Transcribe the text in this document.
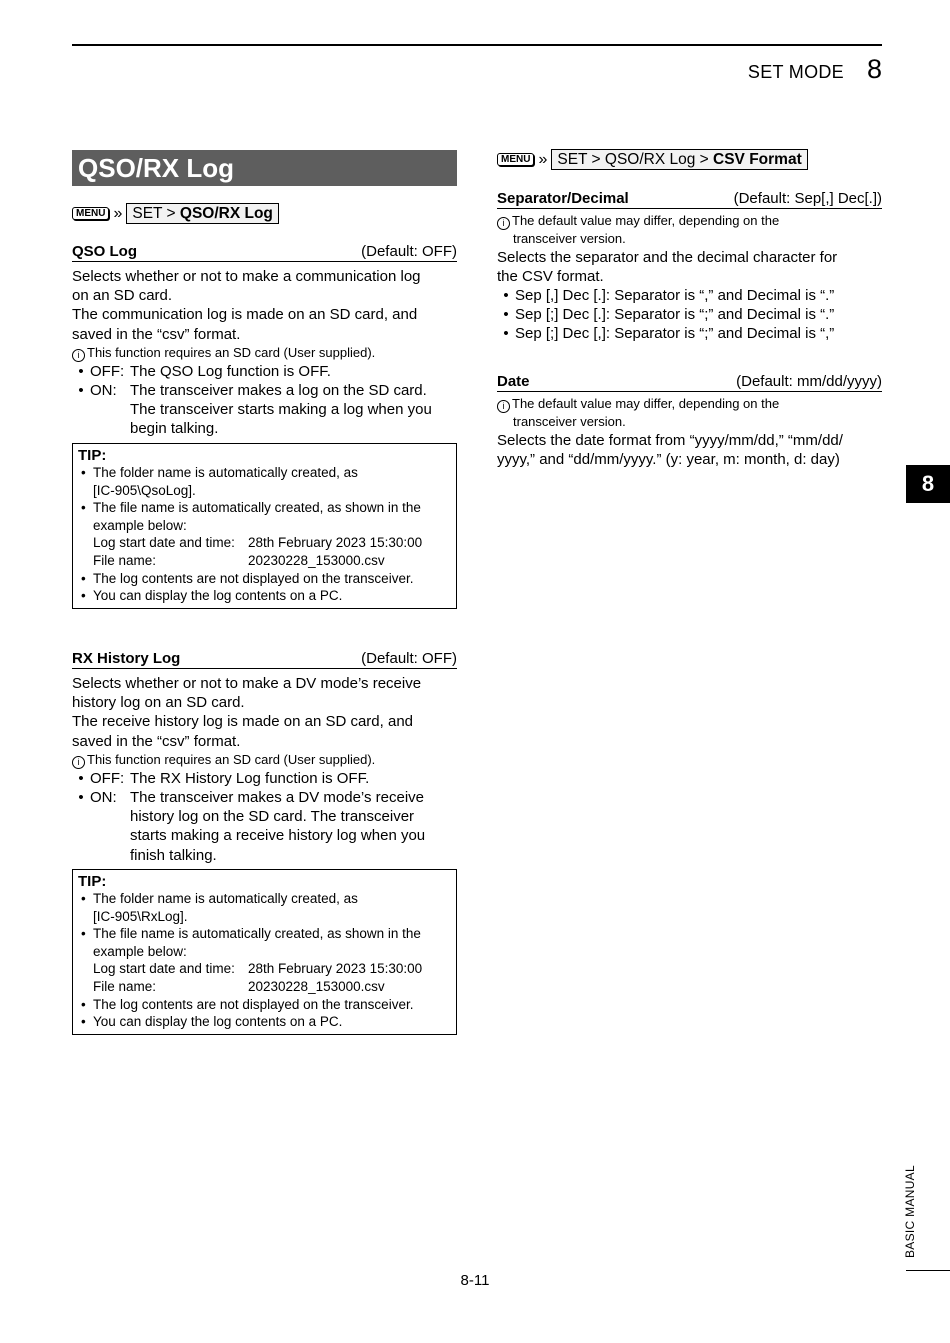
SET MODE 8
QSO/RX Log
MENU » SET > QSO/RX Log
QSO Log	(Default: OFF)
Selects whether or not to make a communication log
on an SD card.
The communication log is made on an SD card, and
saved in the “csv” format.
i This function requires an SD card (User supplied).
• OFF: The QSO Log function is OFF.
• ON: The transceiver makes a log on the SD card.
The transceiver starts making a log when you
begin talking.
TIP:
• The folder name is automatically created, as
[IC-905\QsoLog].
• The file name is automatically created, as shown in the
example below:
Log start date and time: 28th February 2023 15:30:00
File name:	20230228_153000.csv
• The log contents are not displayed on the transceiver.
• You can display the log contents on a PC.
RX History Log	(Default: OFF)
Selects whether or not to make a DV mode’s receive
history log on an SD card.
The receive history log is made on an SD card, and
saved in the “csv” format.
i This function requires an SD card (User supplied).
• OFF: The RX History Log function is OFF.
• ON: The transceiver makes a DV mode’s receive
history log on the SD card. The transceiver
starts making a receive history log when you
finish talking.
TIP:
• The folder name is automatically created, as
[IC-905\RxLog].
• The file name is automatically created, as shown in the
example below:
Log start date and time: 28th February 2023 15:30:00
File name:	20230228_153000.csv
• The log contents are not displayed on the transceiver.
• You can display the log contents on a PC.
MENU » SET > QSO/RX Log > CSV Format
Separator/Decimal	(Default: Sep[,] Dec[.])
i The default value may differ, depending on the
transceiver version.
Selects the separator and the decimal character for
the CSV format.
• Sep [,] Dec [.]: Separator is “,” and Decimal is “.”
• Sep [;] Dec [.]: Separator is “;” and Decimal is “.”
• Sep [;] Dec [,]: Separator is “;” and Decimal is “,”
Date	(Default: mm/dd/yyyy)
i The default value may differ, depending on the
transceiver version.
Selects the date format from “yyyy/mm/dd,” “mm/dd/
yyyy,” and “dd/mm/yyyy.” (y: year, m: month, d: day)
8
BASIC MANUAL
8-11
